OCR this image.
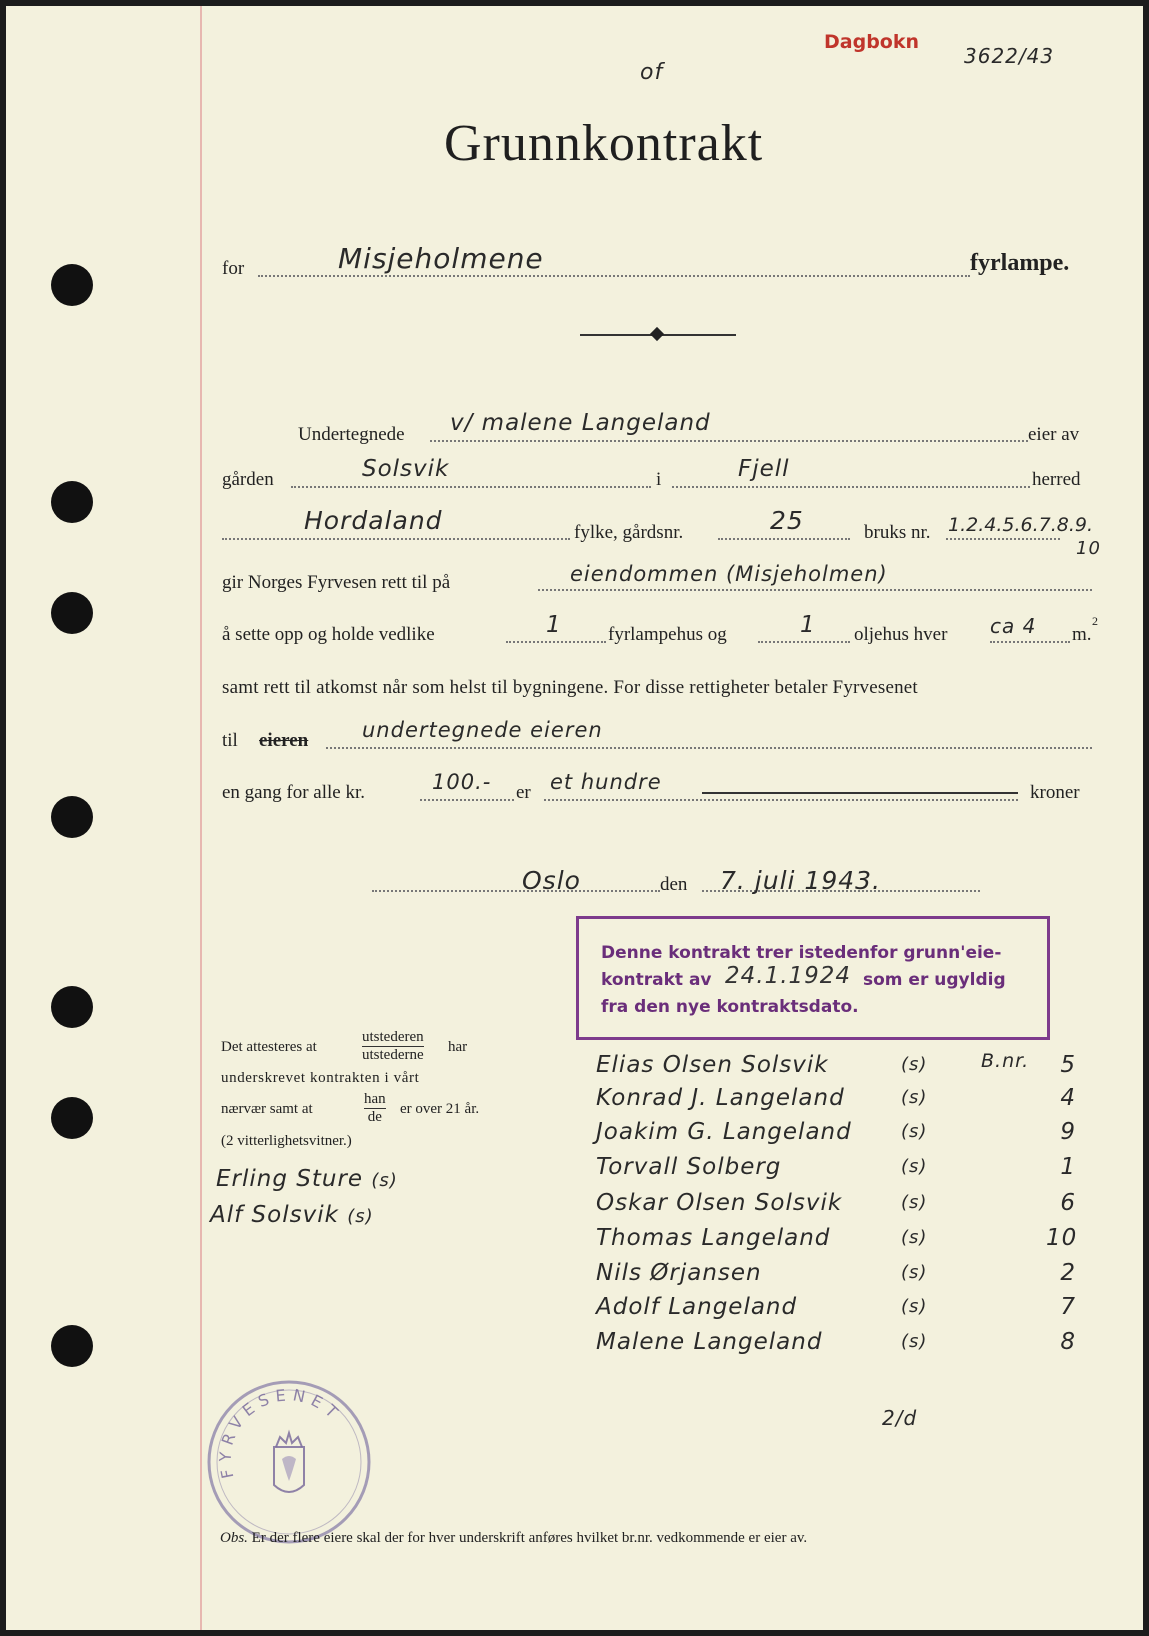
Dagbokn
3622/43
of
Grunnkontrakt
for	Misjeholmene	fyrlampe.
Undertegnede v/ malene Langeland	eier av
gården	Solsvik	i	Fjell	herred
Hordaland	fylke, gårdsnr.	25	bruks nr. 1.2.4.5.6.7.8.9.
10
gir Norges Fyrvesen rett til på	eiendommen (Misjeholmen)
å sette opp og holde vedlike	1 fyrlampehus og	1 oljehus hver ca 4 m.
2
samt rett til atkomst når som helst til bygningene. For disse rettigheter betaler Fyrvesenet
til eieren	undertegnede eieren
en gang for alle kr.	100.- er et hundre	kroner
Oslo	den 7. juli 1943.
Denne kontrakt trer istedenfor grunn'eie-
kontrakt av 24.1.1924 som er ugyldig
fra den nye kontraktsdato.
Det attesteres at
utstederen
utstederne har
underskrevet kontrakten i vårt
nærvær samt at
han
de er over 21 år.
(2 vitterlighetsvitner.)
Erling Sture (s)
Alf Solsvik (s)
B.nr.
Elias Olsen Solsvik	(s)	5
Konrad J. Langeland	(s)	4
Joakim G. Langeland	(s)	9
Torvall Solberg	(s)	1
Oskar Olsen Solsvik	(s)	6
Thomas Langeland	(s)	10
Nils Ørjansen	(s)	2
Adolf Langeland	(s)	7
Malene Langeland	(s)	8
2/d
FYRVESENET
Obs. Er der flere eiere skal der for hver underskrift anføres hvilket br.nr. vedkommende er eier av.
